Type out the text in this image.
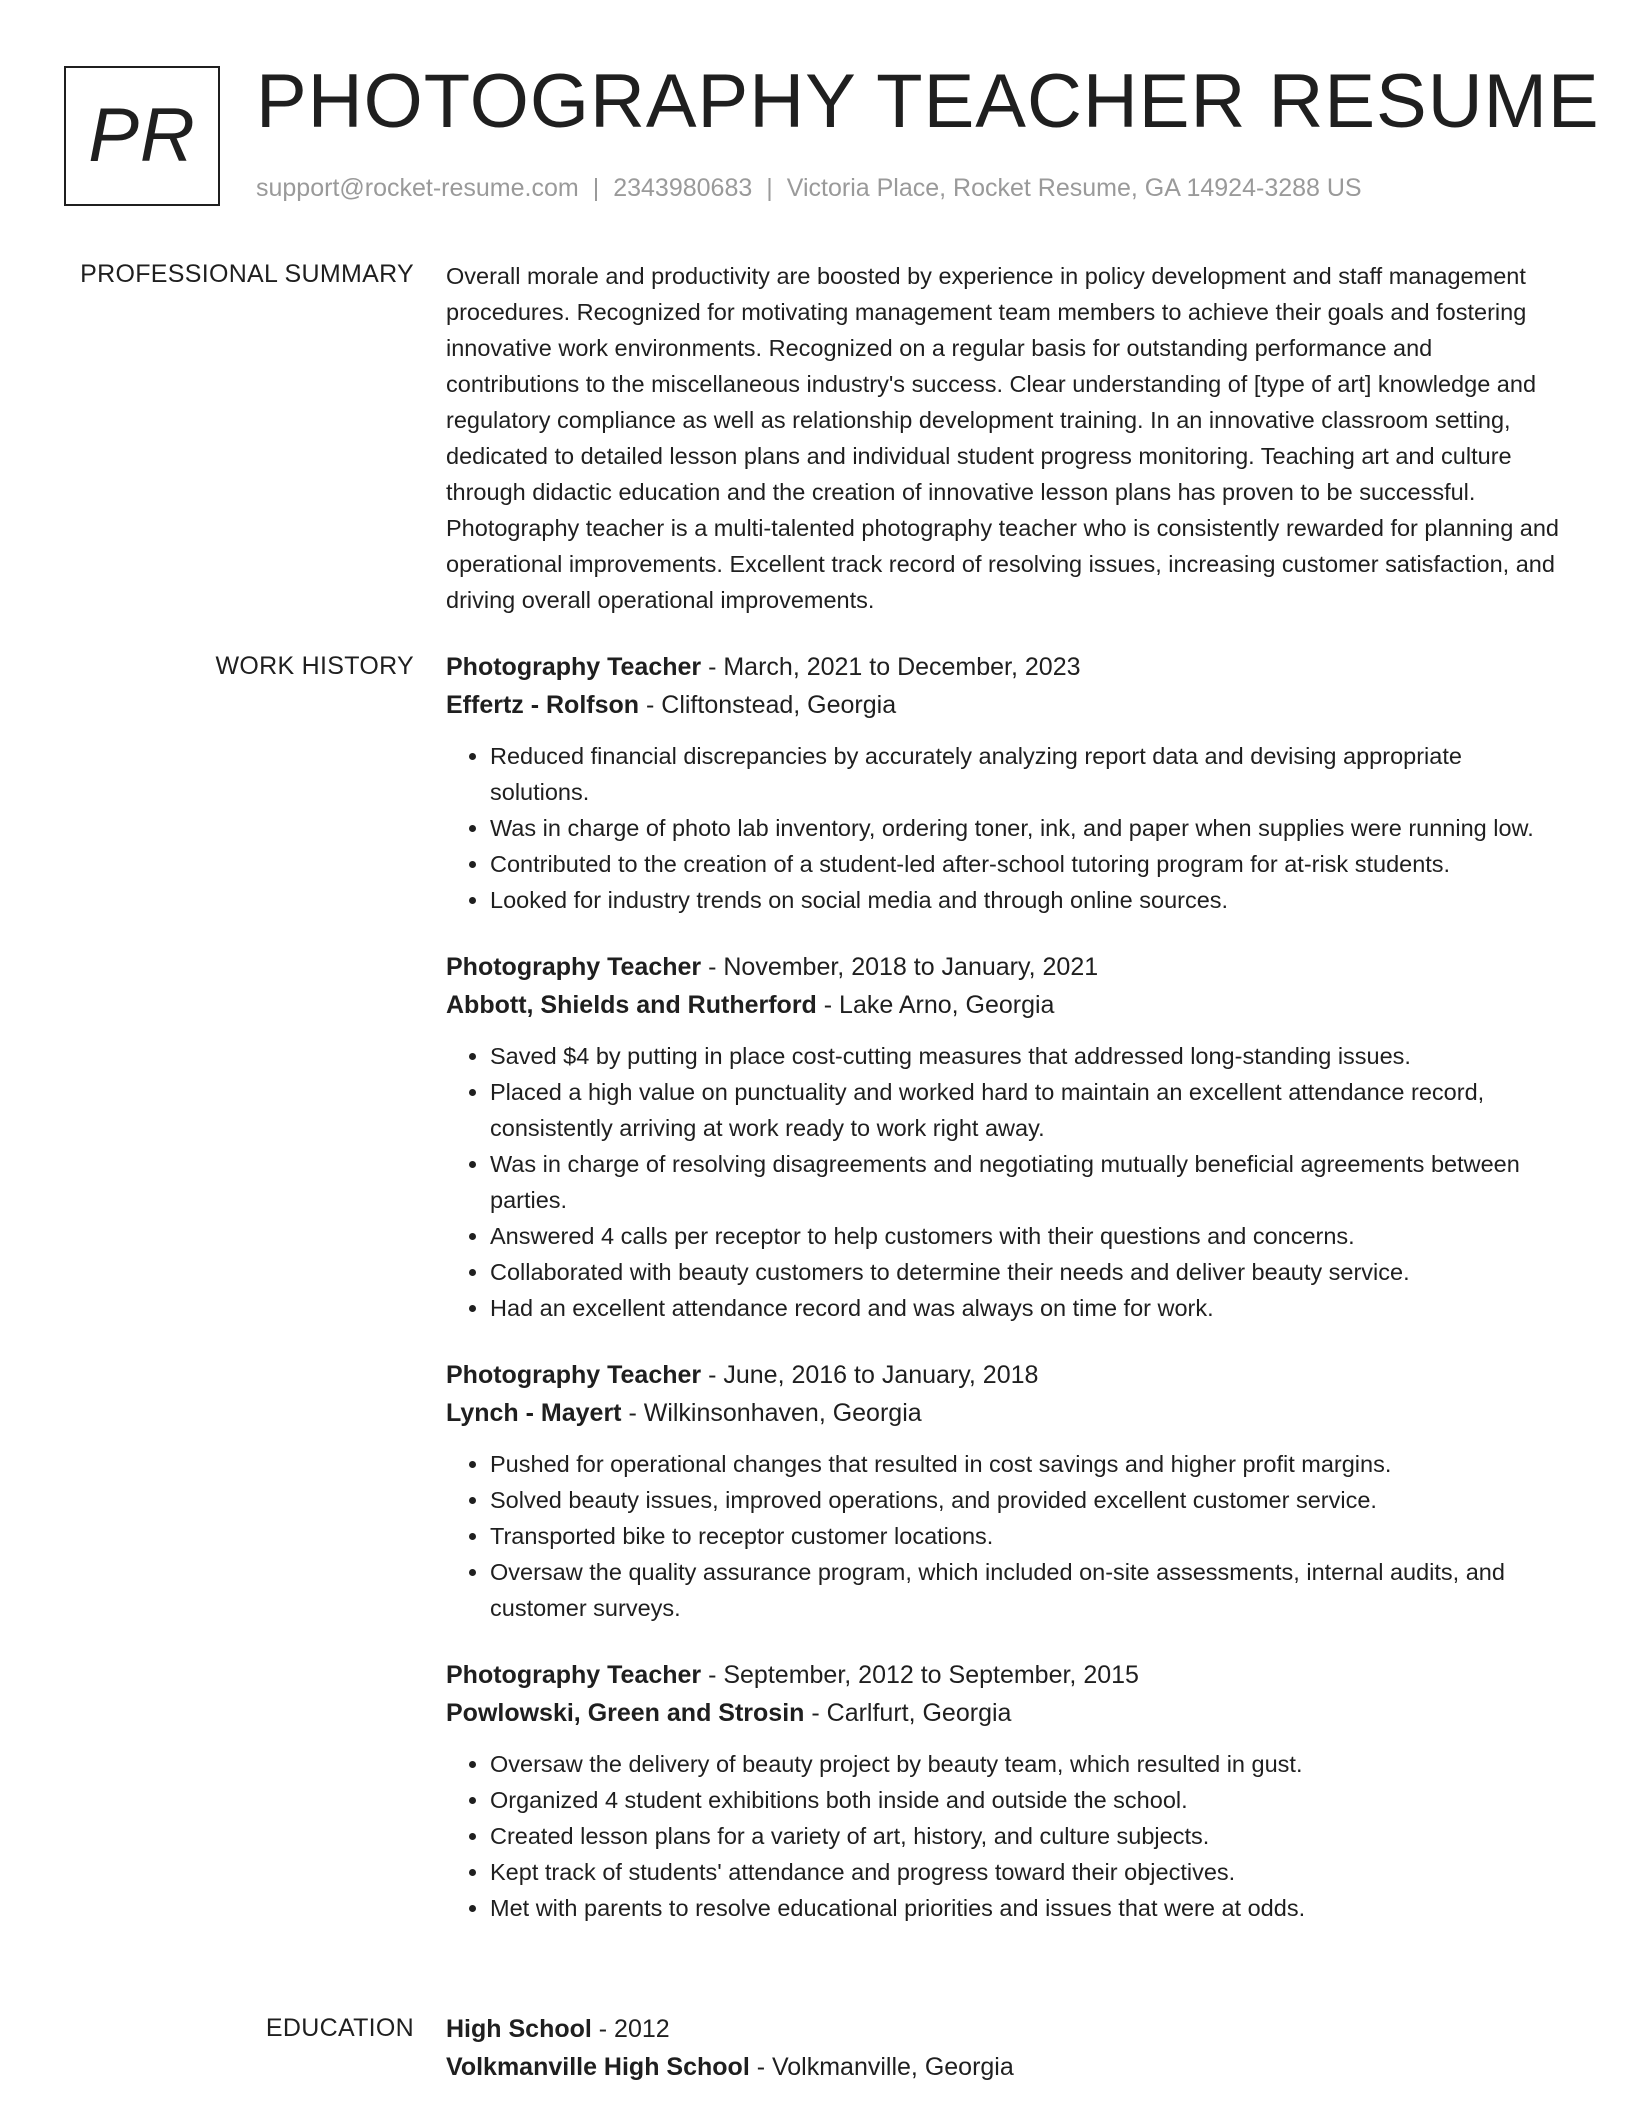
PR PHOTOGRAPHY TEACHER RESUME
support@rocket-resume.com | 2343980683 | Victoria Place, Rocket Resume, GA 14924-3288 US
PROFESSIONAL SUMMARY Overall morale and productivity are boosted by experience in policy development and staff management procedures. Recognized for motivating management team members to achieve their goals and fostering innovative work environments. Recognized on a regular basis for outstanding performance and contributions to the miscellaneous industry's success. Clear understanding of [type of art] knowledge and regulatory compliance as well as relationship development training. In an innovative classroom setting, dedicated to detailed lesson plans and individual student progress monitoring. Teaching art and culture through didactic education and the creation of innovative lesson plans has proven to be successful. Photography teacher is a multi-talented photography teacher who is consistently rewarded for planning and operational improvements. Excellent track record of resolving issues, increasing customer satisfaction, and driving overall operational improvements.

WORK HISTORY Photography Teacher - March, 2021 to December, 2023
Effertz - Rolfson - Cliftonstead, Georgia
• Reduced financial discrepancies by accurately analyzing report data and devising appropriate solutions.
• Was in charge of photo lab inventory, ordering toner, ink, and paper when supplies were running low.
• Contributed to the creation of a student-led after-school tutoring program for at-risk students.
• Looked for industry trends on social media and through online sources.
Photography Teacher - November, 2018 to January, 2021
Abbott, Shields and Rutherford - Lake Arno, Georgia
• Saved $4 by putting in place cost-cutting measures that addressed long-standing issues.
• Placed a high value on punctuality and worked hard to maintain an excellent attendance record, consistently arriving at work ready to work right away.
• Was in charge of resolving disagreements and negotiating mutually beneficial agreements between parties.
• Answered 4 calls per receptor to help customers with their questions and concerns.
• Collaborated with beauty customers to determine their needs and deliver beauty service.
• Had an excellent attendance record and was always on time for work.
Photography Teacher - June, 2016 to January, 2018
Lynch - Mayert - Wilkinsonhaven, Georgia
• Pushed for operational changes that resulted in cost savings and higher profit margins.
• Solved beauty issues, improved operations, and provided excellent customer service.
• Transported bike to receptor customer locations.
• Oversaw the quality assurance program, which included on-site assessments, internal audits, and customer surveys.
Photography Teacher - September, 2012 to September, 2015
Powlowski, Green and Strosin - Carlfurt, Georgia
• Oversaw the delivery of beauty project by beauty team, which resulted in gust.
• Organized 4 student exhibitions both inside and outside the school.
• Created lesson plans for a variety of art, history, and culture subjects.
• Kept track of students' attendance and progress toward their objectives.
• Met with parents to resolve educational priorities and issues that were at odds.
EDUCATION High School - 2012
Volkmanville High School - Volkmanville, Georgia
